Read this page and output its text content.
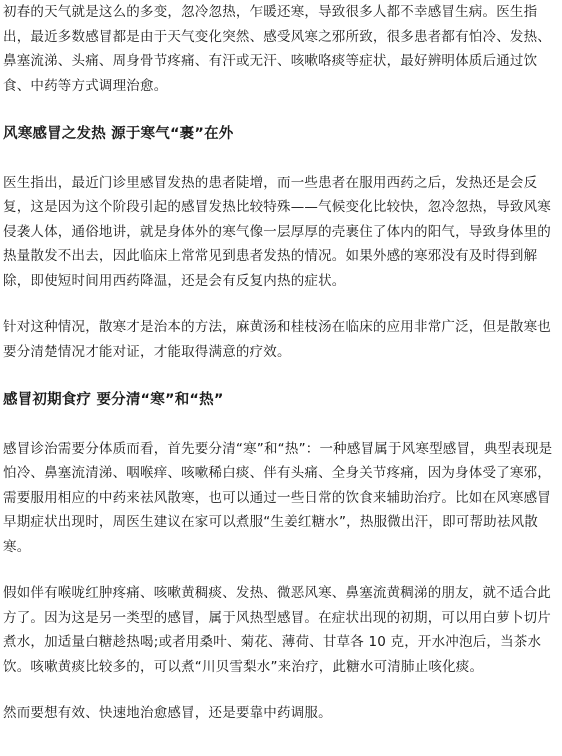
初春的天气就是这么的多变，忽冷忽热，乍暖还寒，导致很多人都不幸感冒生病。医生指出，最近多数感冒都是由于天气变化突然、感受风寒之邪所致，很多患者都有怕冷、发热、鼻塞流涕、头痛、周身骨节疼痛、有汗或无汗、咳嗽咯痰等症状，最好辨明体质后通过饮食、中药等方式调理治愈。

风寒感冒之发热 源于寒气“裹”在外

医生指出，最近门诊里感冒发热的患者陡增，而一些患者在服用西药之后，发热还是会反复，这是因为这个阶段引起的感冒发热比较特殊——气候变化比较快，忽冷忽热，导致风寒侵袭人体，通俗地讲，就是身体外的寒气像一层厚厚的壳裹住了体内的阳气，导致身体里的热量散发不出去，因此临床上常常见到患者发热的情况。如果外感的寒邪没有及时得到解除，即使短时间用西药降温，还是会有反复内热的症状。

针对这种情况，散寒才是治本的方法，麻黄汤和桂枝汤在临床的应用非常广泛，但是散寒也要分清楚情况才能对证，才能取得满意的疗效。

感冒初期食疗 要分清“寒”和“热”

感冒诊治需要分体质而看，首先要分清“寒”和“热”：一种感冒属于风寒型感冒，典型表现是怕冷、鼻塞流清涕、咽喉痒、咳嗽稀白痰、伴有头痛、全身关节疼痛，因为身体受了寒邪，需要服用相应的中药来祛风散寒，也可以通过一些日常的饮食来辅助治疗。比如在风寒感冒早期症状出现时，周医生建议在家可以煮服“生姜红糖水”，热服微出汗，即可帮助祛风散寒。

假如伴有喉咙红肿疼痛、咳嗽黄稠痰、发热、微恶风寒、鼻塞流黄稠涕的朋友，就不适合此方了。因为这是另一类型的感冒，属于风热型感冒。在症状出现的初期，可以用白萝卜切片煮水，加适量白糖趁热喝;或者用桑叶、菊花、薄荷、甘草各 10 克，开水冲泡后，当茶水饮。咳嗽黄痰比较多的，可以煮“川贝雪梨水”来治疗，此糖水可清肺止咳化痰。

然而要想有效、快速地治愈感冒，还是要靠中药调服。
